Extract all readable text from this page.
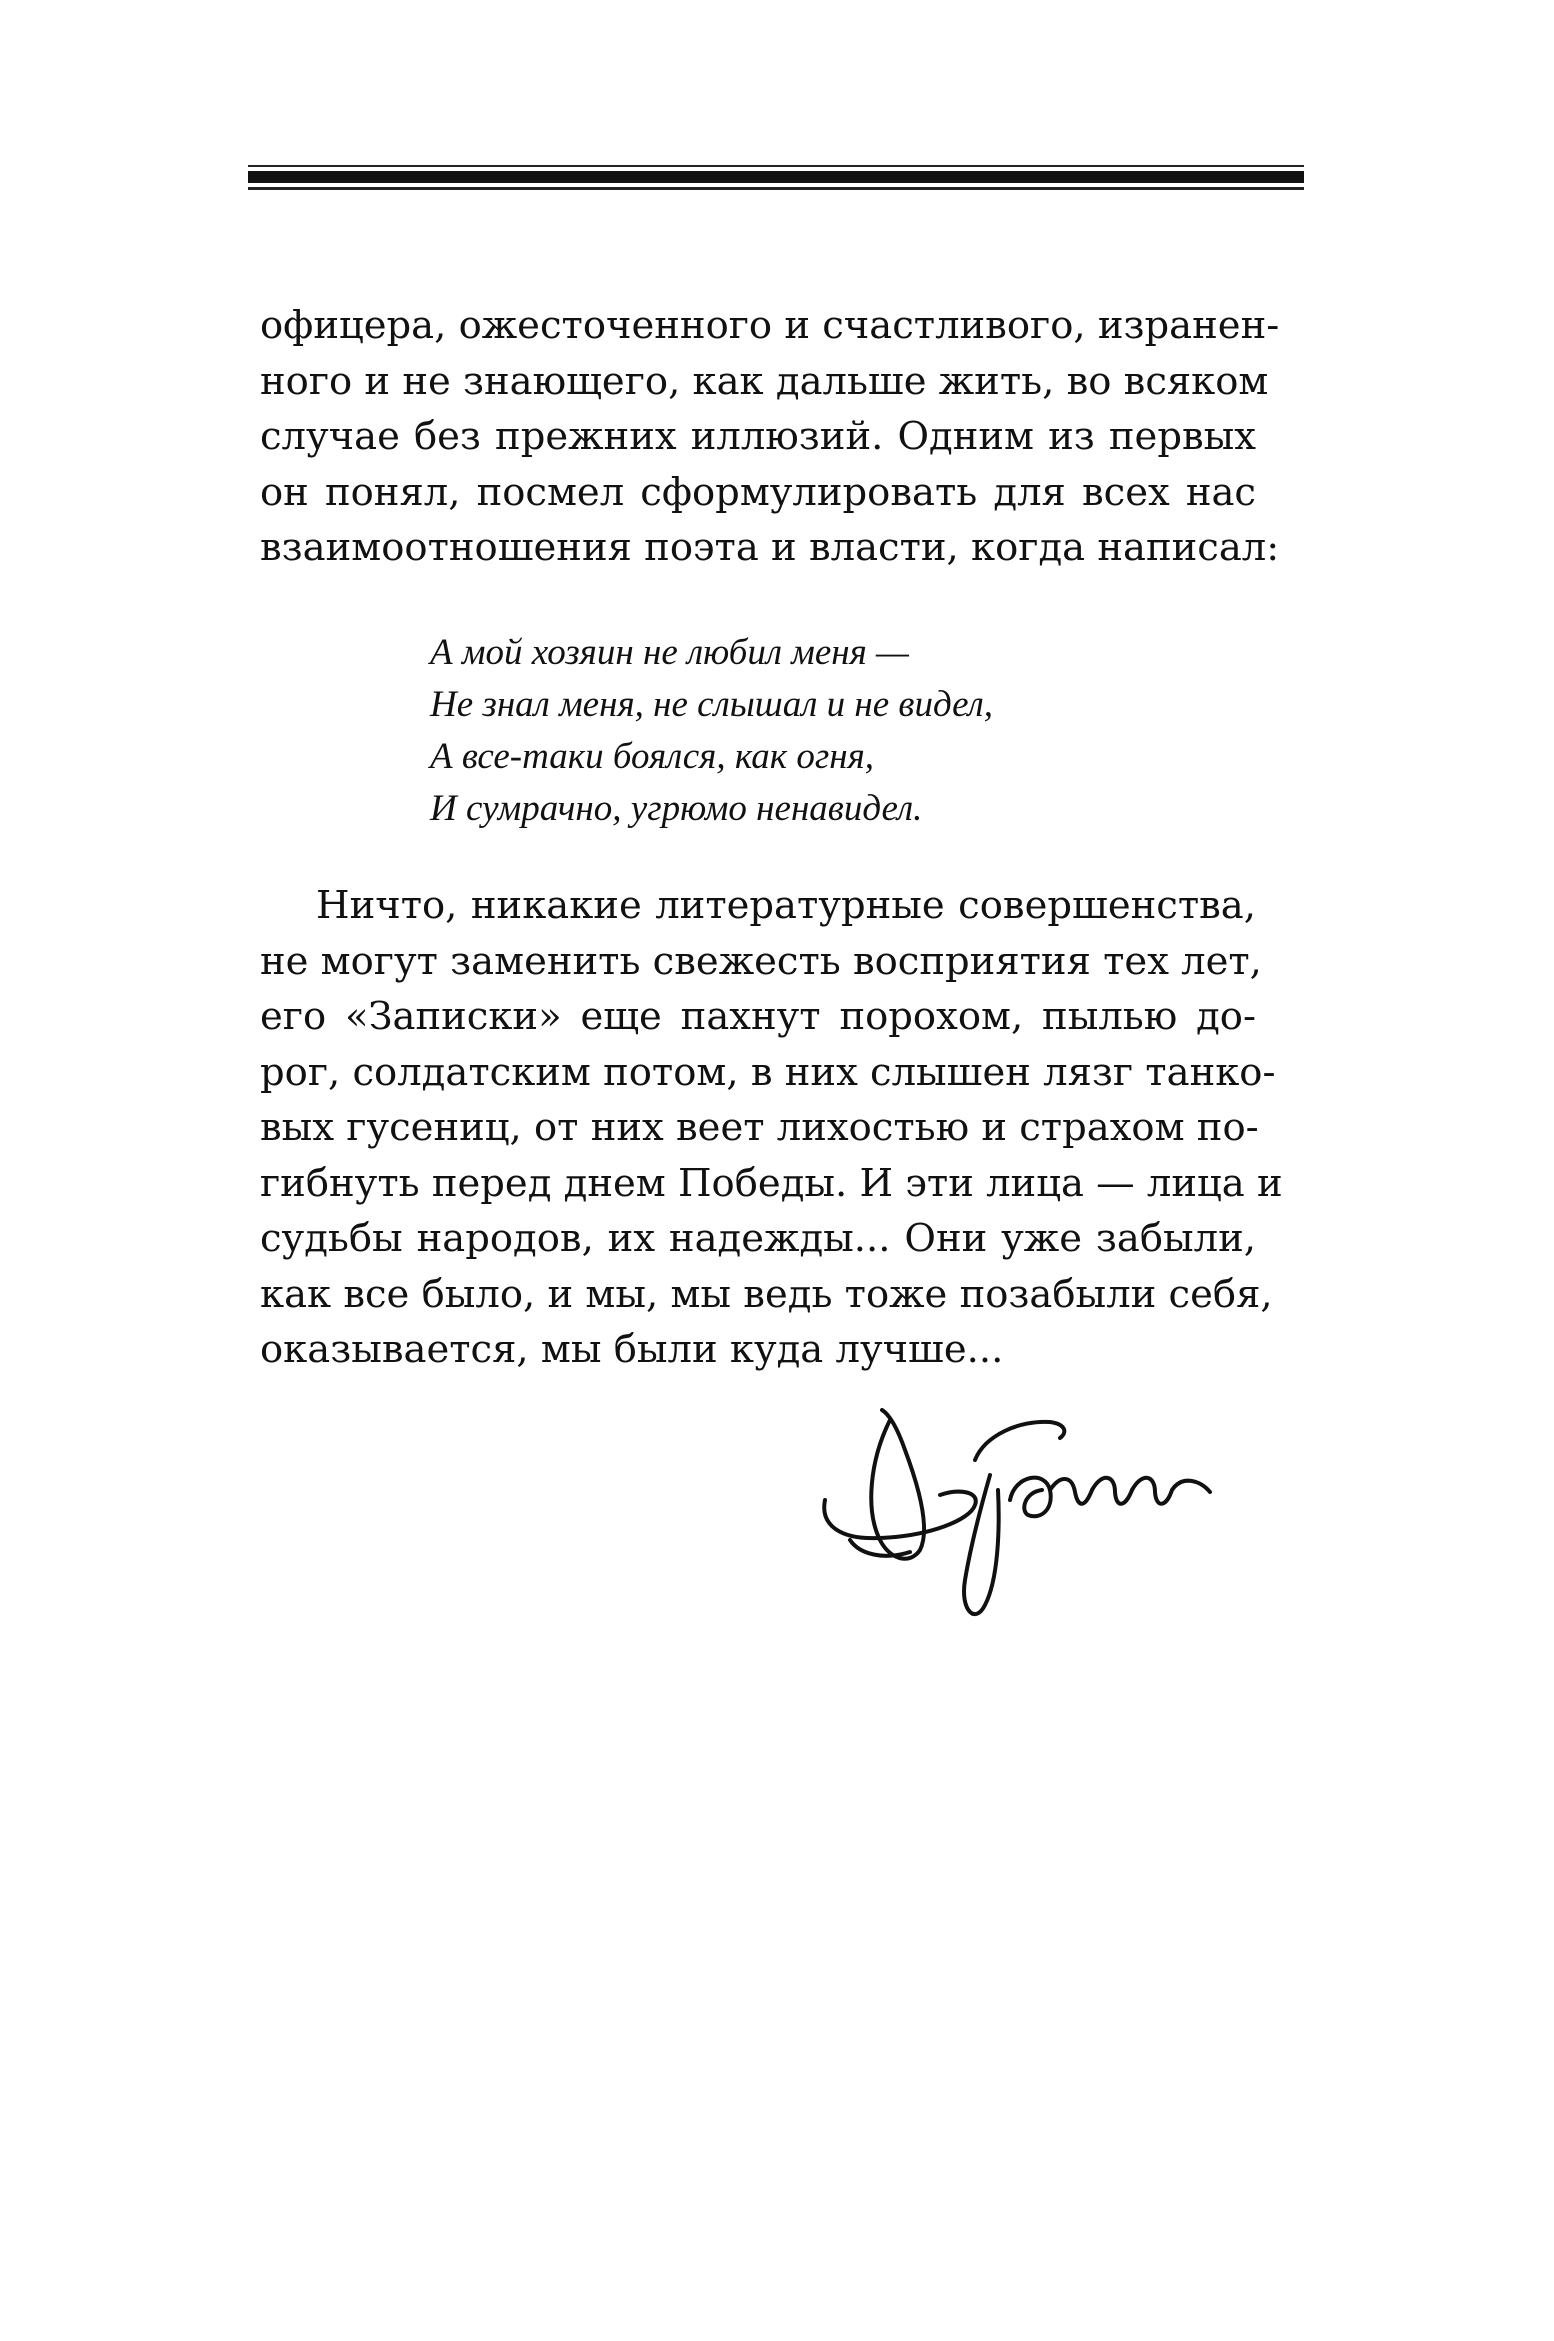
офицера, ожесточенного и счастливого, изранен-
ного и не знающего, как дальше жить, во всяком
случае без прежних иллюзий. Одним из первых
он понял, посмел сформулировать для всех нас
взаимоотношения поэта и власти, когда написал:

А мой хозяин не любил меня —
Не знал меня, не слышал и не видел,
А все-таки боялся, как огня,
И сумрачно, угрюмо ненавидел.

Ничто, никакие литературные совершенства,
не могут заменить свежесть восприятия тех лет,
его «Записки» еще пахнут порохом, пылью до-
рог, солдатским потом, в них слышен лязг танко-
вых гусениц, от них веет лихостью и страхом по-
гибнуть перед днем Победы. И эти лица — лица и
судьбы народов, их надежды... Они уже забыли,
как все было, и мы, мы ведь тоже позабыли себя,
оказывается, мы были куда лучше...
